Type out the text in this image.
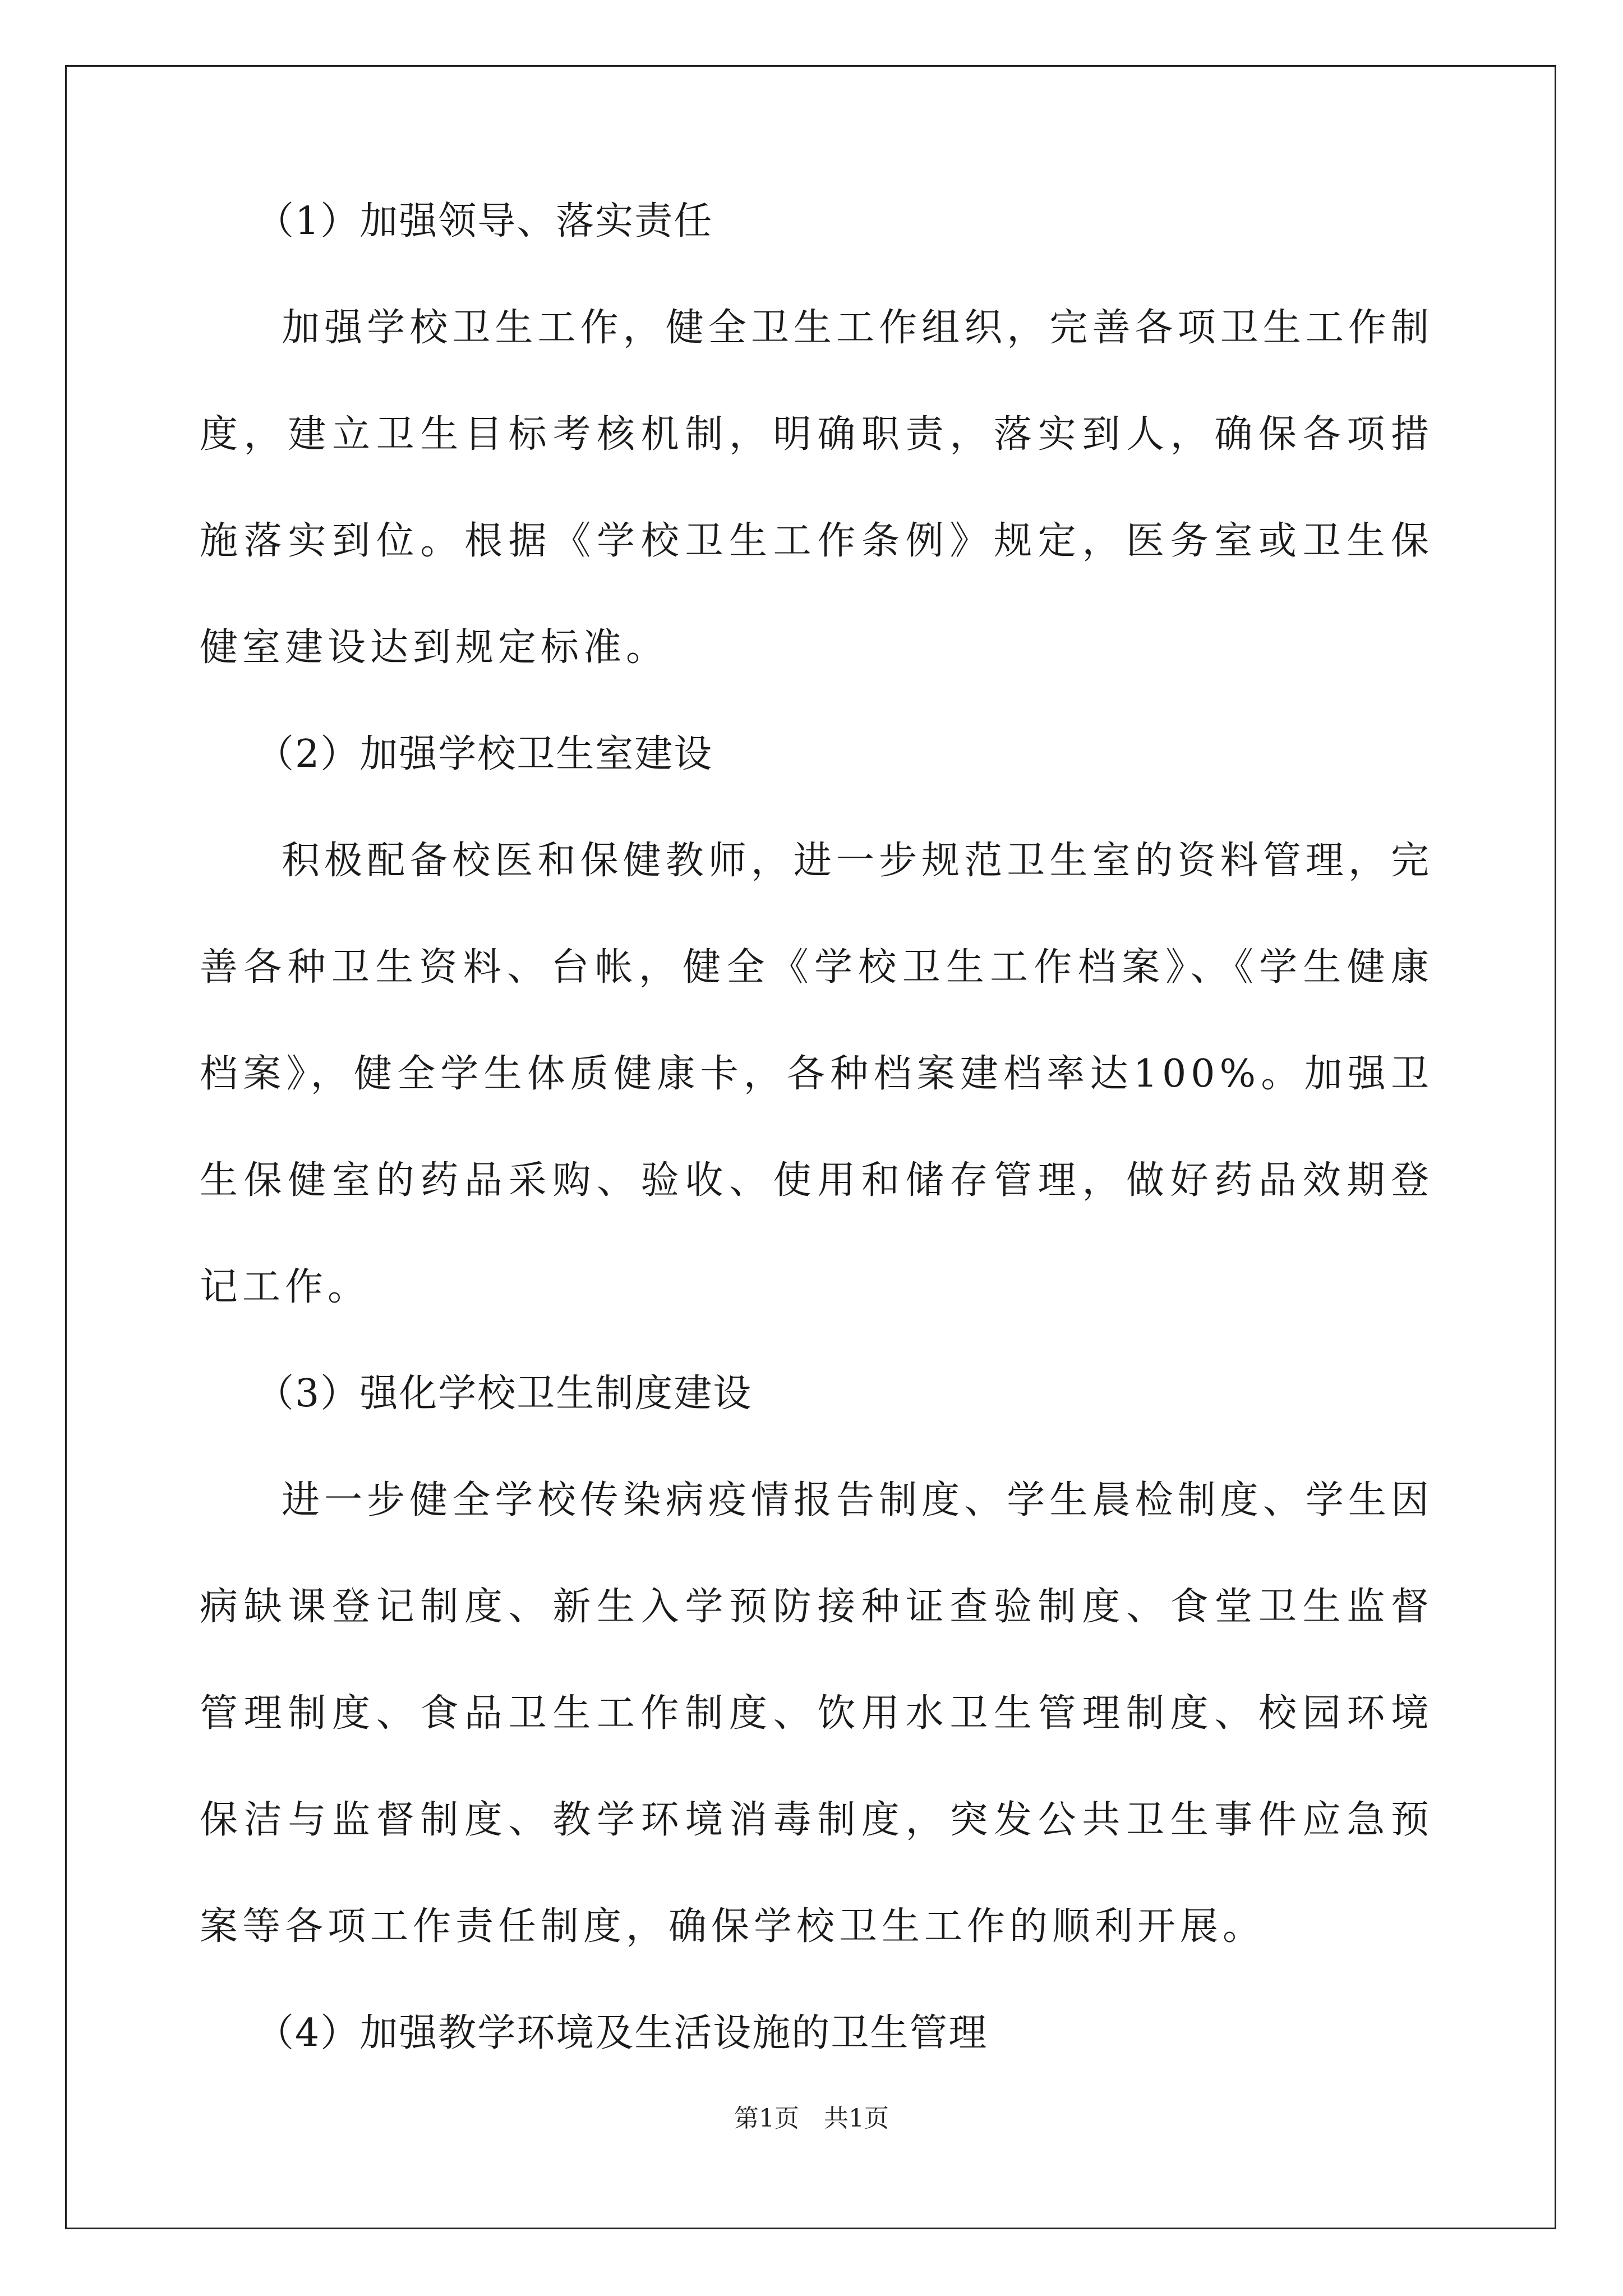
（1）加强领导、落实责任

加强学校卫生工作，健全卫生工作组织，完善各项卫生工作制度，建立卫生目标考核机制，明确职责，落实到人，确保各项措施落实到位。根据《学校卫生工作条例》规定，医务室或卫生保健室建设达到规定标准。

（2）加强学校卫生室建设

积极配备校医和保健教师，进一步规范卫生室的资料管理，完善各种卫生资料、台帐，健全《学校卫生工作档案》、《学生健康档案》，健全学生体质健康卡，各种档案建档率达100%。加强卫生保健室的药品采购、验收、使用和储存管理，做好药品效期登记工作。

（3）强化学校卫生制度建设

进一步健全学校传染病疫情报告制度、学生晨检制度、学生因病缺课登记制度、新生入学预防接种证查验制度、食堂卫生监督管理制度、食品卫生工作制度、饮用水卫生管理制度、校园环境保洁与监督制度、教学环境消毒制度，突发公共卫生事件应急预案等各项工作责任制度，确保学校卫生工作的顺利开展。

（4）加强教学环境及生活设施的卫生管理

第1页　共1页
